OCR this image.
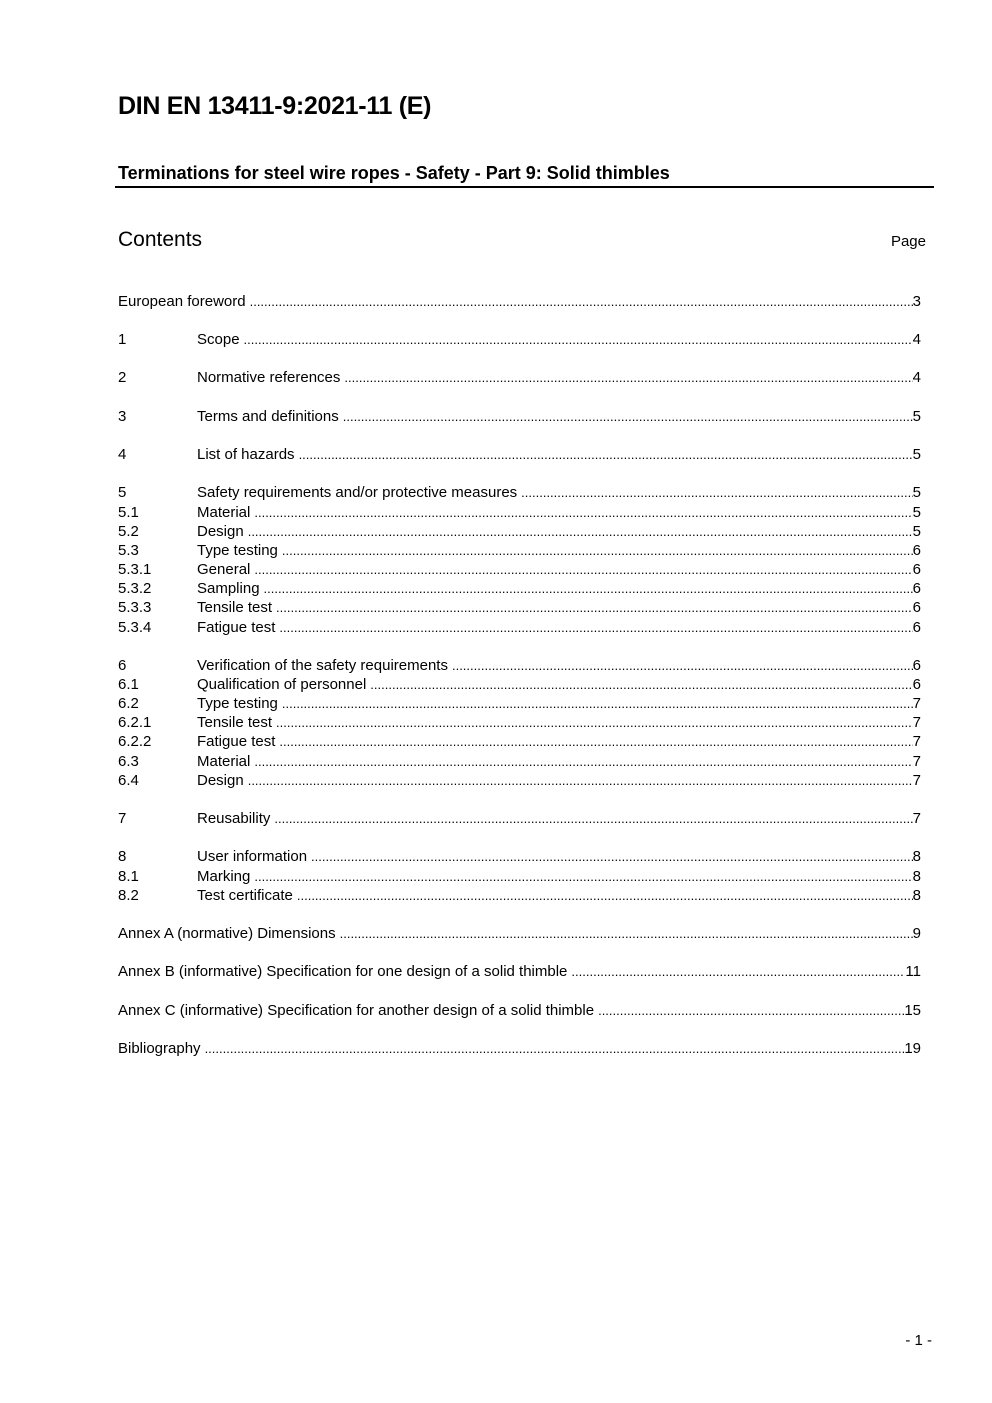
DIN EN 13411-9:2021-11 (E)
Terminations for steel wire ropes - Safety - Part 9: Solid thimbles
Contents	Page
European foreword .....	3
1	Scope .....	4
2	Normative references .....	4
3	Terms and definitions .....	5
4	List of hazards .....	5
5	Safety requirements and/or protective measures .....	5
5.1	Material .....	5
5.2	Design .....	5
5.3	Type testing .....	6
5.3.1	General .....	6
5.3.2	Sampling .....	6
5.3.3	Tensile test .....	6
5.3.4	Fatigue test .....	6
6	Verification of the safety requirements .....	6
6.1	Qualification of personnel .....	6
6.2	Type testing .....	7
6.2.1	Tensile test .....	7
6.2.2	Fatigue test .....	7
6.3	Material .....	7
6.4	Design .....	7
7	Reusability .....	7
8	User information .....	8
8.1	Marking .....	8
8.2	Test certificate .....	8
Annex A (normative) Dimensions .....	9
Annex B (informative) Specification for one design of a solid thimble .....	11
Annex C (informative) Specification for another design of a solid thimble .....	15
Bibliography .....	19
- 1 -
